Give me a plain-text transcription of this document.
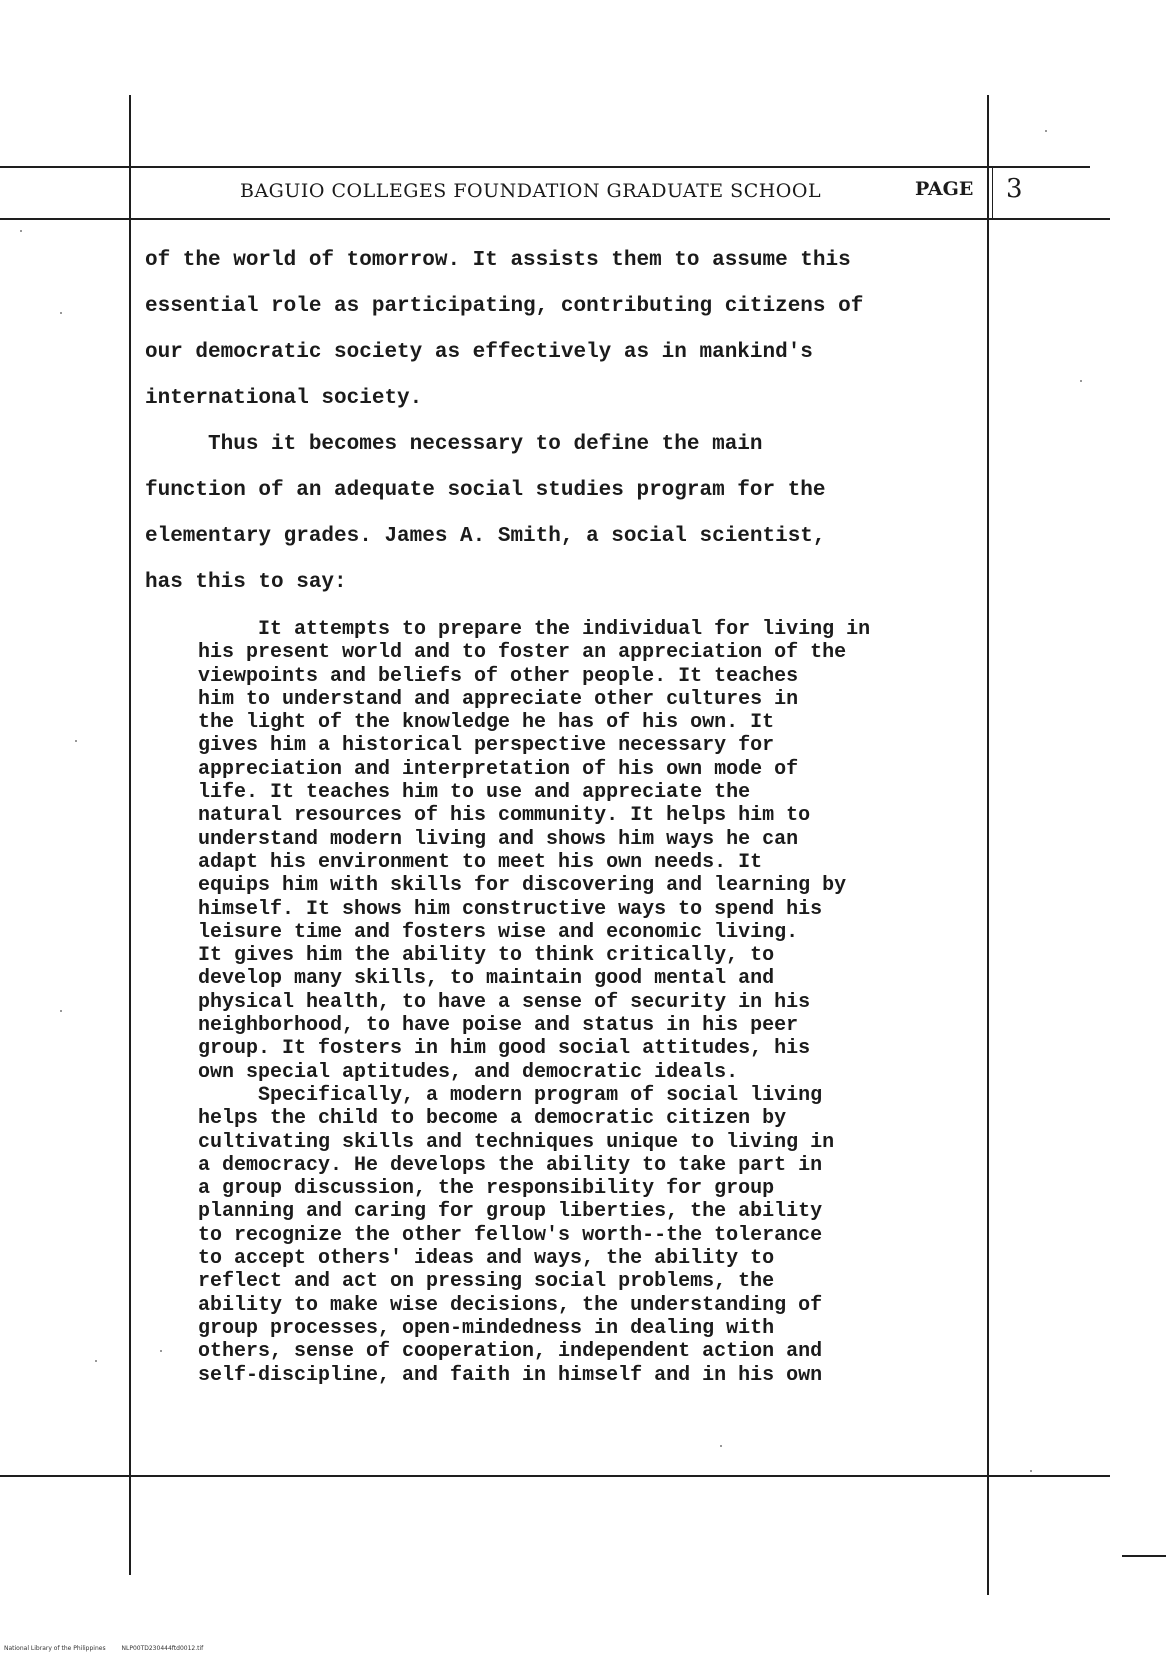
BAGUIO COLLEGES FOUNDATION GRADUATE SCHOOL	PAGE 3
of the world of tomorrow. It assists them to assume this
essential role as participating, contributing citizens of
our democratic society as effectively as in mankind's
international society.
Thus it becomes necessary to define the main
function of an adequate social studies program for the
elementary grades. James A. Smith, a social scientist,
has this to say:
It attempts to prepare the individual for living in
his present world and to foster an appreciation of the
viewpoints and beliefs of other people. It teaches
him to understand and appreciate other cultures in
the light of the knowledge he has of his own. It
gives him a historical perspective necessary for
appreciation and interpretation of his own mode of
life. It teaches him to use and appreciate the
natural resources of his community. It helps him to
understand modern living and shows him ways he can
adapt his environment to meet his own needs. It
equips him with skills for discovering and learning by
himself. It shows him constructive ways to spend his
leisure time and fosters wise and economic living.
It gives him the ability to think critically, to
develop many skills, to maintain good mental and
physical health, to have a sense of security in his
neighborhood, to have poise and status in his peer
group. It fosters in him good social attitudes, his
own special aptitudes, and democratic ideals.
Specifically, a modern program of social living
helps the child to become a democratic citizen by
cultivating skills and techniques unique to living in
a democracy. He develops the ability to take part in
a group discussion, the responsibility for group
planning and caring for group liberties, the ability
to recognize the other fellow's worth--the tolerance
to accept others' ideas and ways, the ability to
reflect and act on pressing social problems, the
ability to make wise decisions, the understanding of
group processes, open-mindedness in dealing with
others, sense of cooperation, independent action and
self-discipline, and faith in himself and in his own
National Library of the Philippines	NLP00TD230444ftd0012.tif
